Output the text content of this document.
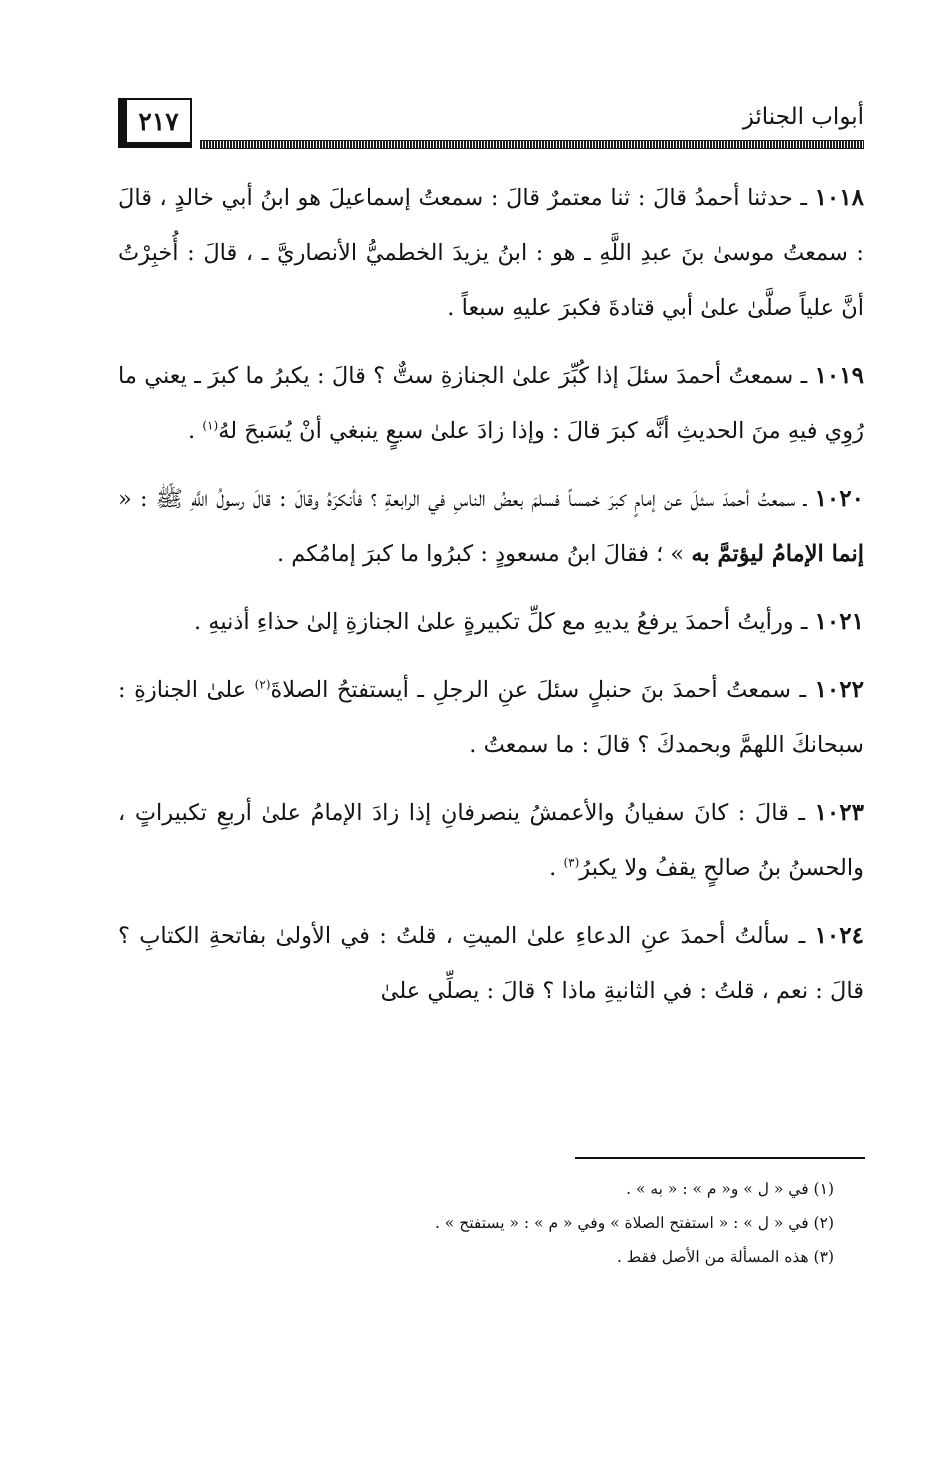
أبواب الجنائز
٢١٧

١٠١٨ ـ حدثنا أحمدُ قالَ : ثنا معتمرٌ قالَ : سمعتُ إسماعيلَ هو ابنُ أبي خالدٍ ، قالَ : سمعتُ موسىٰ بنَ عبدِ اللَّهِ ـ هو : ابنُ يزيدَ الخطميُّ الأنصاريَّ ـ ، قالَ : أُخبِرْتُ أنَّ علياً صلَّىٰ علىٰ أبي قتادةَ فكبرَ عليهِ سبعاً .

١٠١٩ ـ سمعتُ أحمدَ سئلَ إذا كُبِّرَ علىٰ الجنازةِ ستٌّ ؟ قالَ : يكبرُ ما كبرَ ـ يعني ما رُوِي فيهِ منَ الحديثِ أنَّه كبرَ قالَ : وإذا زادَ علىٰ سبعٍ ينبغي أنْ يُسَبحَ لهُ$^{(١)}$ .

١٠٢٠ ـ سمعتُ أحمدَ سئلَ عن إمامٍ كبرَ خمساً فسلمَ بعضُ الناسِ في الرابعةِ ؟ فأنكرَهُ وقالَ : قالَ رسولُ اللَّهِ ﷺ : « إنما الإمامُ ليؤتمَّ به » ؛ فقالَ ابنُ مسعودٍ : كبرُوا ما كبرَ إمامُكم .

١٠٢١ ـ ورأيتُ أحمدَ يرفعُ يديهِ مع كلِّ تكبيرةٍ علىٰ الجنازةِ إلىٰ حذاءِ أذنيهِ .

١٠٢٢ ـ سمعتُ أحمدَ بنَ حنبلٍ سئلَ عنِ الرجلِ ـ أيستفتحُ الصلاةَ$^{(٢)}$ علىٰ الجنازةِ : سبحانكَ اللهمَّ وبحمدكَ ؟ قالَ : ما سمعتُ .

١٠٢٣ ـ قالَ : كانَ سفيانُ والأعمشُ ينصرفانِ إذا زادَ الإمامُ علىٰ أربعِ تكبيراتٍ ، والحسنُ بنُ صالحٍ يقفُ ولا يكبرُ$^{(٣)}$ .

١٠٢٤ ـ سألتُ أحمدَ عنِ الدعاءِ علىٰ الميتِ ، قلتُ : في الأولىٰ بفاتحةِ الكتابِ ؟ قالَ : نعم ، قلتُ : في الثانيةِ ماذا ؟ قالَ : يصلِّي علىٰ

(١) في « ل » و« م » : « به » .
(٢) في « ل » : « استفتح الصلاة » وفي « م » : « يستفتح » .
(٣) هذه المسألة من الأصل فقط .
